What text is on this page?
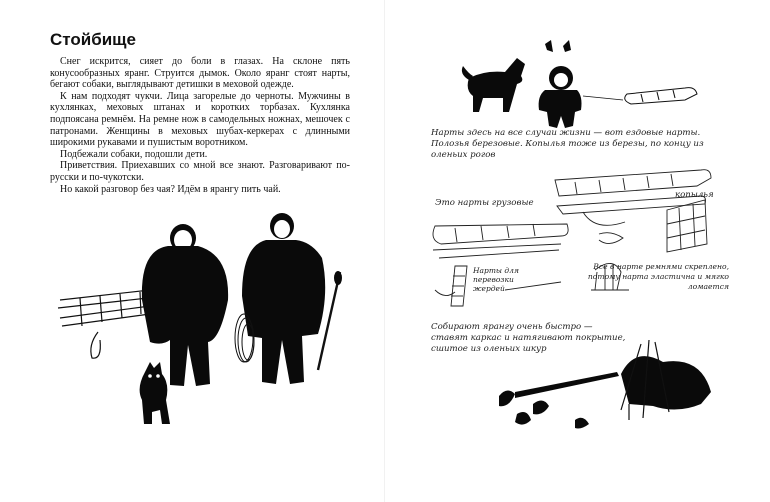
Стойбище

Снег искрится, сияет до боли в глазах. На склоне пять конусообразных яранг. Струится дымок. Около яранг стоят нарты, бегают собаки, выглядывают детишки в меховой одежде.

К нам подходят чукчи. Лица загорелые до черноты. Мужчины в кухлянках, меховых штанах и коротких торбазах. Кухлянка подпоясана ремнём. На ремне нож в самодельных ножнах, мешочек с патронами. Женщины в меховых шубах-керкерах с длинными широкими рукавами и пушистым воротником.

Подбежали собаки, подошли дети.

Приветствия. Приехавших со мной все знают. Разговаривают по-русски и по-чукотски.

Но какой разговор без чая? Идём в ярангу пить чай.

Нарты здесь на все случаи жизни — вот ездовые нарты. Полозья березовые. Копылья тоже из березы, по концу из оленьих рогов
Это нарты грузовые
копылья
Нарты для перевозки жердей
Все в нарте ремнями скреплено, потому нарта эластична и мягко ломается
Собирают ярангу очень быстро — ставят каркас и натягивают покрытие, сшитое из оленьих шкур
